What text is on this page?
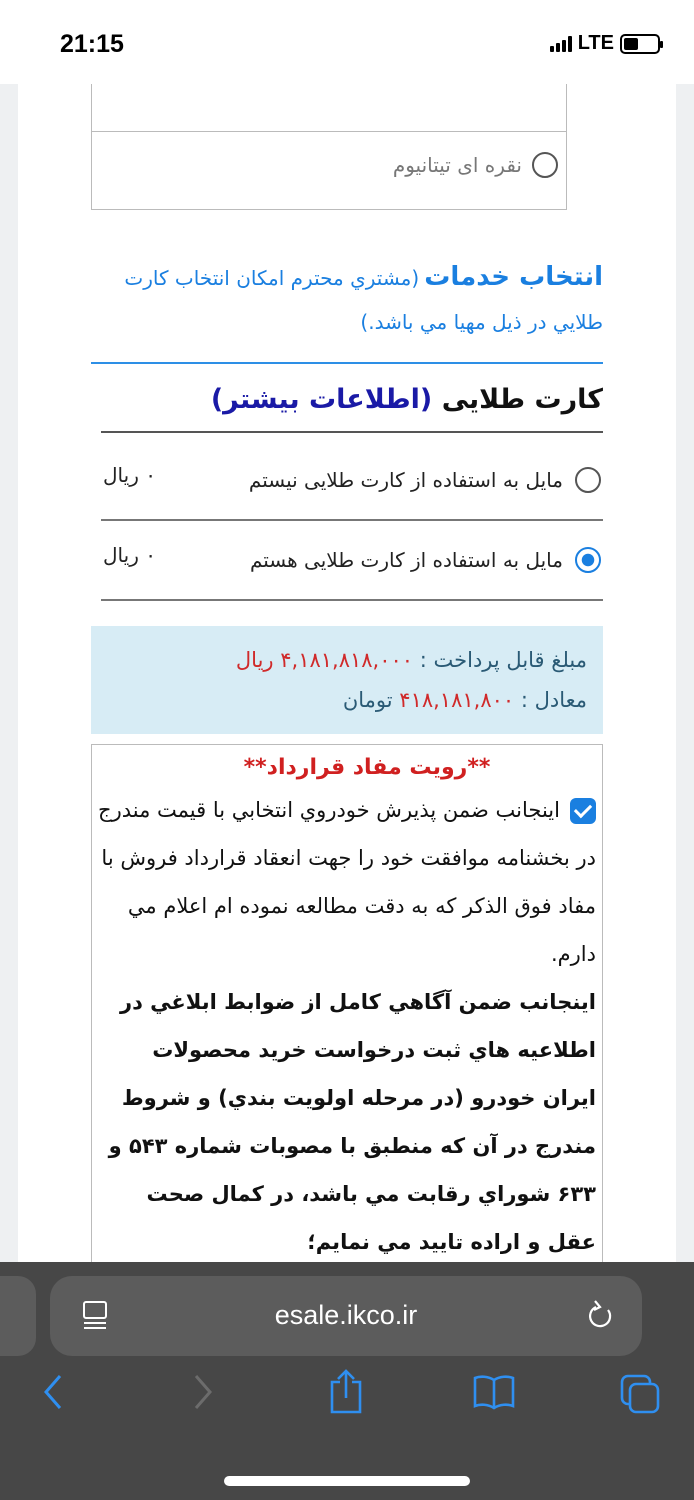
21:15	LTE
نقره ای تیتانیوم
انتخاب خدمات (مشتري محترم امکان انتخاب کارت طلايي در ذيل مهيا مي باشد.)
کارت طلایی (اطلاعات بیشتر)
مایل به استفاده از کارت طلایی نیستم
۰ ریال
مایل به استفاده از کارت طلایی هستم
۰ ریال
مبلغ قابل پرداخت : ۴,۱۸۱,۸۱۸,۰۰۰ ریال
معادل : ۴۱۸,۱۸۱,۸۰۰ تومان
**رویت مفاد قرارداد**

اينجانب ضمن پذيرش خودروي انتخابي با قيمت مندرج در بخشنامه موافقت خود را جهت انعقاد قرارداد فروش با مفاد فوق الذکر که به دقت مطالعه نموده ام اعلام مي دارم.

اينجانب ضمن آگاهي کامل از ضوابط ابلاغي در اطلاعيه هاي ثبت درخواست خريد محصولات ايران خودرو (در مرحله اولويت بندي) و شروط مندرج در آن که منطبق با مصوبات شماره ۵۴۳ و ۶۳۳ شوراي رقابت مي باشد، در کمال صحت عقل و اراده تاييد مي نمايم؛

esale.ikco.ir
